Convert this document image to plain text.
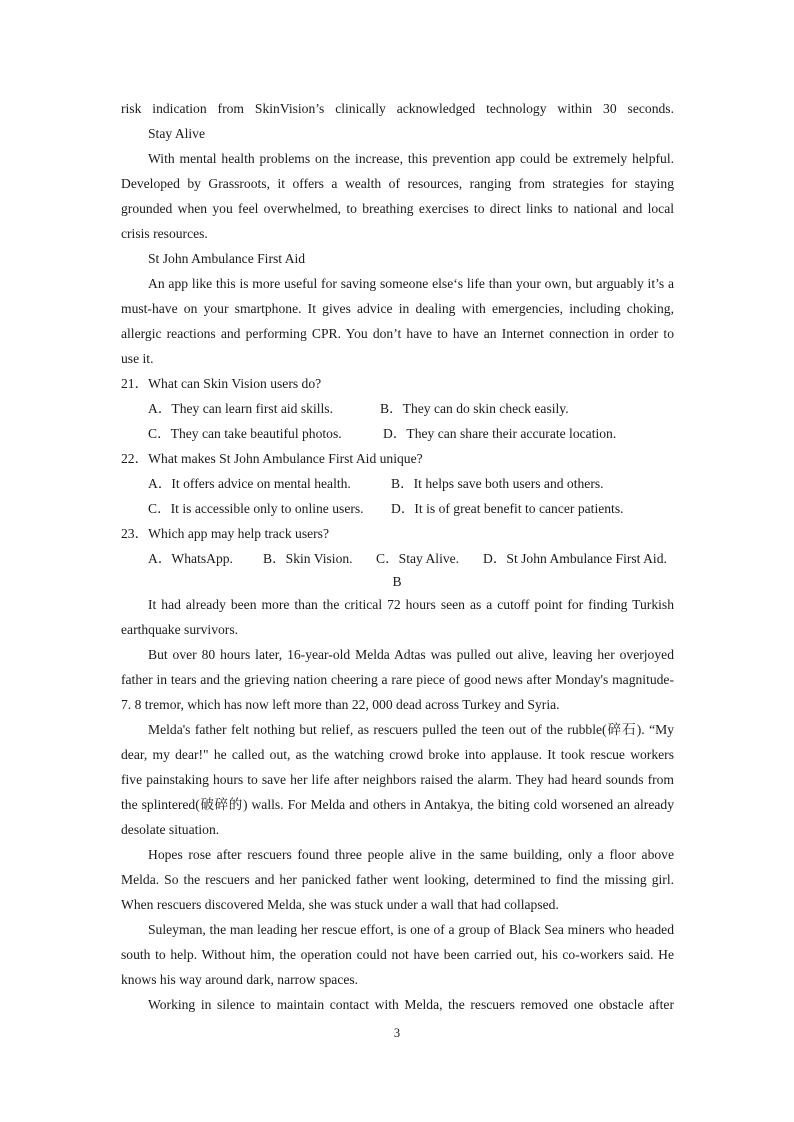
risk indication from SkinVision’s clinically acknowledged technology within 30 seconds.
Stay Alive
With mental health problems on the increase, this prevention app could be extremely helpful.
Developed by Grassroots, it offers a wealth of resources, ranging from strategies for staying
grounded when you feel overwhelmed, to breathing exercises to direct links to national and local
crisis resources.
St John Ambulance First Aid
An app like this is more useful for saving someone else‘s life than your own, but arguably it’s a
must-have on your smartphone. It gives advice in dealing with emergencies, including choking,
allergic reactions and performing CPR. You don’t have to have an Internet connection in order to
use it.
21．What can Skin Vision users do?
A．They can learn first aid skills.	B．They can do skin check easily.
C．They can take beautiful photos.	D．They can share their accurate location.
22．What makes St John Ambulance First Aid unique?
A．It offers advice on mental health.	B．It helps save both users and others.
C．It is accessible only to online users. D．It is of great benefit to cancer patients.
23．Which app may help track users?
A．WhatsApp. B．Skin Vision. C．Stay Alive. D．St John Ambulance First Aid.
B
It had already been more than the critical 72 hours seen as a cutoff point for finding Turkish
earthquake survivors.
But over 80 hours later, 16-year-old Melda Adtas was pulled out alive, leaving her overjoyed
father in tears and the grieving nation cheering a rare piece of good news after Monday's magnitude-
7. 8 tremor, which has now left more than 22, 000 dead across Turkey and Syria.
Melda's father felt nothing but relief, as rescuers pulled the teen out of the rubble(碎石). “My
dear, my dear!" he called out, as the watching crowd broke into applause. It took rescue workers
five painstaking hours to save her life after neighbors raised the alarm. They had heard sounds from
the splintered(破碎的) walls. For Melda and others in Antakya, the biting cold worsened an already
desolate situation.
Hopes rose after rescuers found three people alive in the same building, only a floor above
Melda. So the rescuers and her panicked father went looking, determined to find the missing girl.
When rescuers discovered Melda, she was stuck under a wall that had collapsed.
Suleyman, the man leading her rescue effort, is one of a group of Black Sea miners who headed
south to help. Without him, the operation could not have been carried out, his co-workers said. He
knows his way around dark, narrow spaces.
Working in silence to maintain contact with Melda, the rescuers removed one obstacle after
3
